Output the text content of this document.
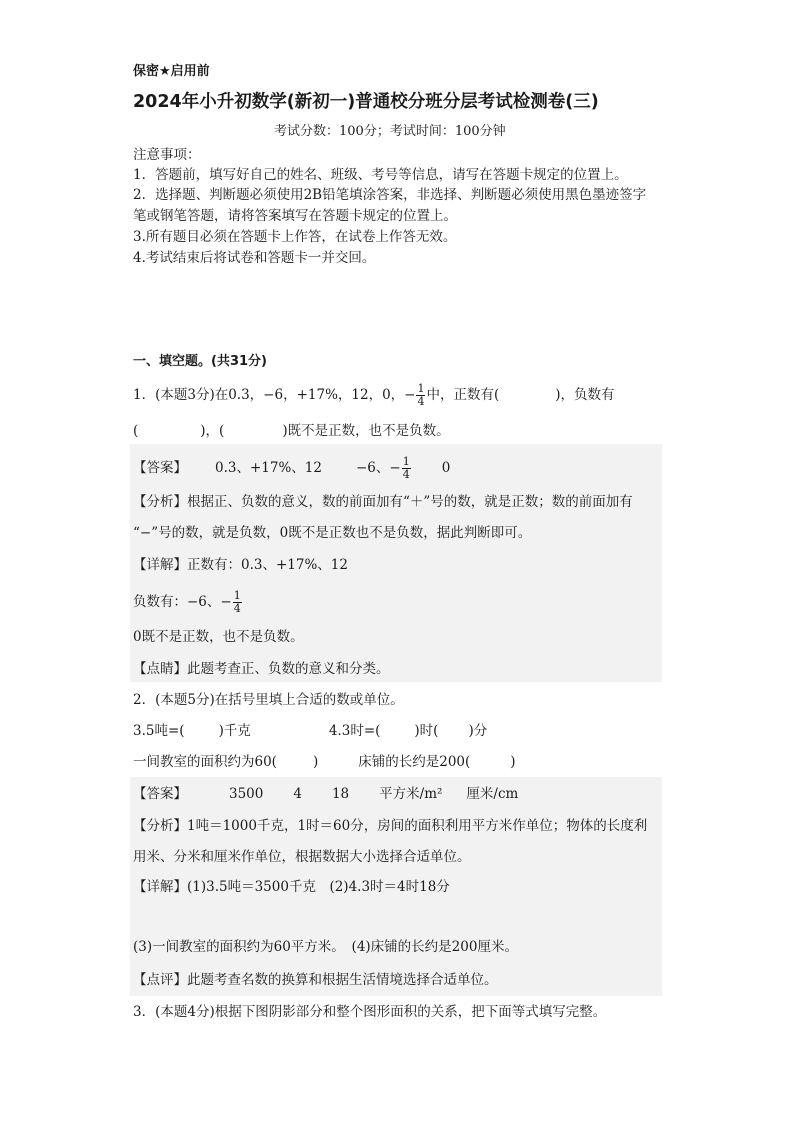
保密★启用前
2024年小升初数学(新初一)普通校分班分层考试检测卷(三)
考试分数：100分；考试时间：100分钟
注意事项：
1．答题前，填写好自己的姓名、班级、考号等信息，请写在答题卡规定的位置上。
2．选择题、判断题必须使用2B铅笔填涂答案，非选择、判断题必须使用黑色墨迹签字
笔或钢笔答题，请将答案填写在答题卡规定的位置上。
3.所有题目必须在答题卡上作答，在试卷上作答无效。
4.考试结束后将试卷和答题卡一并交回。
一、填空题。(共31分)
1．(本题3分)在0.3，−6，+17%，12，0，− $\frac{1}{4}$ 中，正数有(	)，负数有
(	)，(	)既不是正数，也不是负数。
【答案】 0.3、+17%、12	−6、− $\frac{1}{4} 0$
【分析】根据正、负数的意义，数的前面加有“＋”号的数，就是正数；数的前面加有
“−”号的数，就是负数，0既不是正数也不是负数，据此判断即可。
【详解】正数有：0.3、+17%、12
负数有：−6、− $\frac{1}{4}$
0既不是正数，也不是负数。
【点睛】此题考查正、负数的意义和分类。
2．(本题5分)在括号里填上合适的数或单位。
3.5吨=(	)千克	4.3时=(	)时( )分
一间教室的面积约为60(	)	床铺的长约是200(	)
【答案】	3500 4 18 平方米/m² 厘米/cm
【分析】1吨＝1000千克，1时＝60分，房间的面积利用平方米作单位；物体的长度利
用米、分米和厘米作单位，根据数据大小选择合适单位。
【详解】(1)3.5吨＝3500千克　(2)4.3时＝4时18分
(3)一间教室的面积约为60平方米。　(4)床铺的长约是200厘米。
【点评】此题考查名数的换算和根据生活情境选择合适单位。
3．(本题4分)根据下图阴影部分和整个图形面积的关系，把下面等式填写完整。
